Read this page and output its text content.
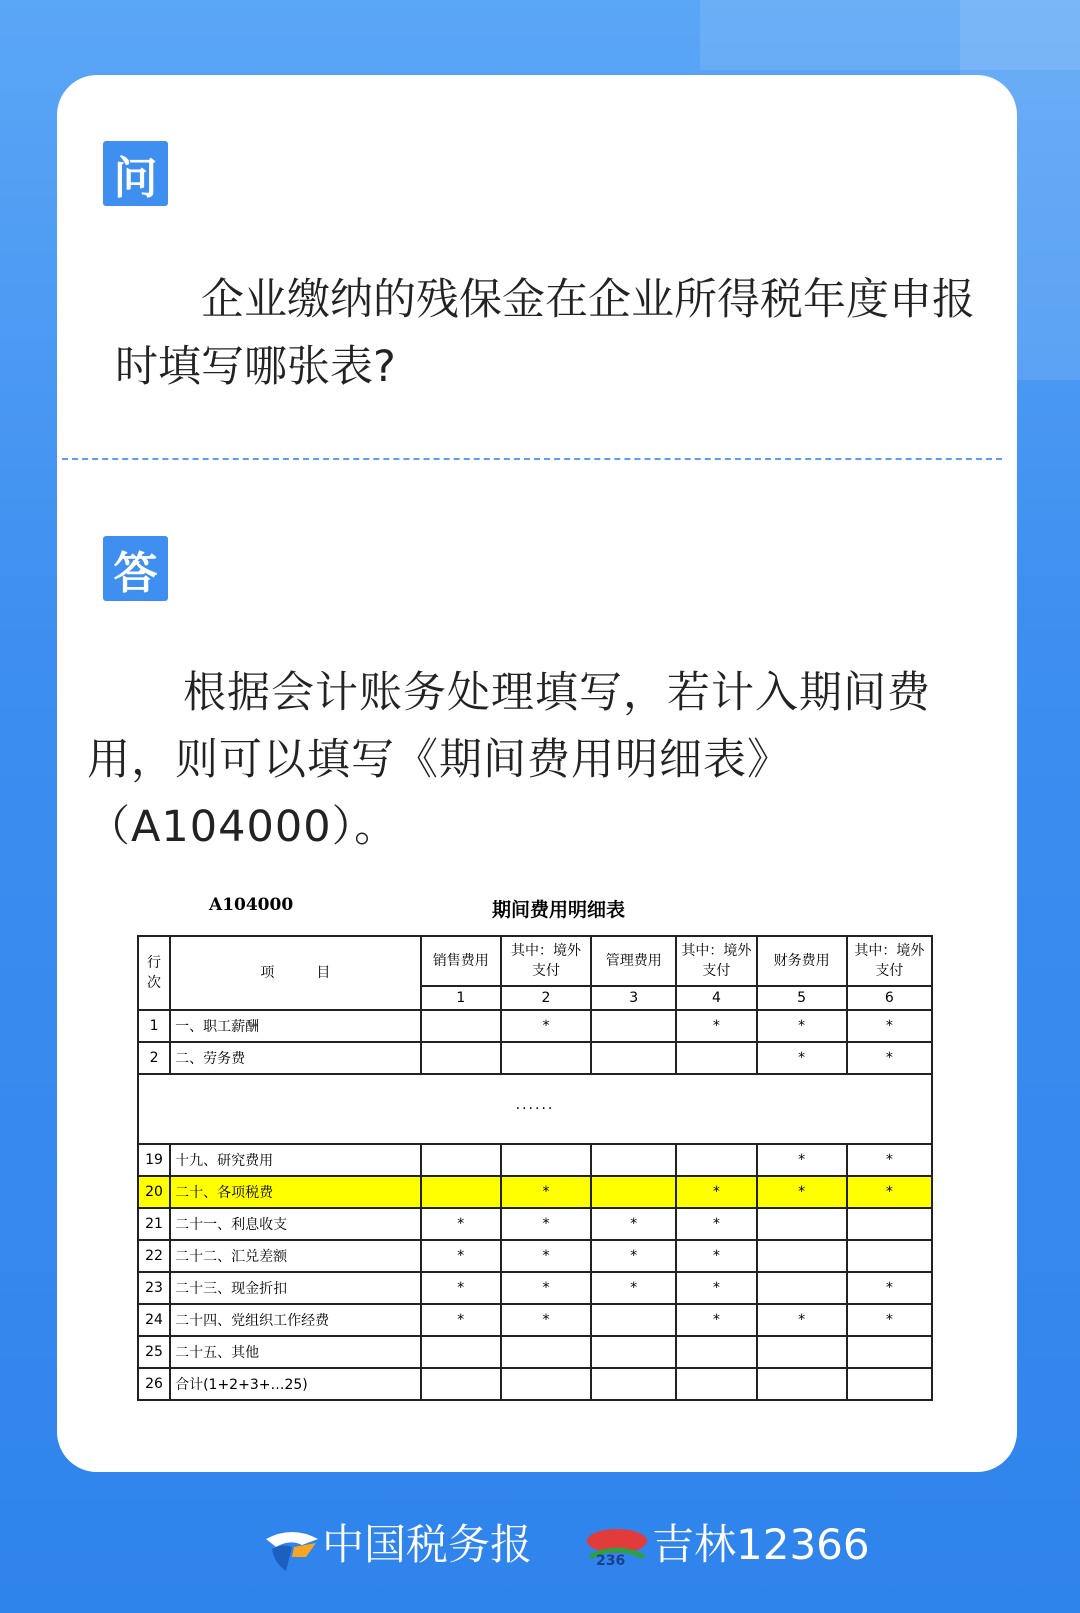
问

企业缴纳的残保金在企业所得税年度申报时填写哪张表?

答

根据会计账务处理填写，若计入期间费用，则可以填写《期间费用明细表》（A104000）。

A104000	期间费用明细表
行次	项　　　目	销售费用	其中：境外支付	管理费用	其中：境外支付	财务费用	其中：境外支付
		1	2	3	4	5	6
1	一、职工薪酬		*		*	*	*
2	二、劳务费					*	*
······							
19	十九、研究费用					*	*
20	二十、各项税费		*		*	*	*
21	二十一、利息收支	*	*	*	*		
22	二十二、汇兑差额	*	*	*	*		
23	二十三、现金折扣	*	*	*	*		*
24	二十四、党组织工作经费	*	*		*	*	*
25	二十五、其他						
26	合计(1+2+3+…25)						
中国税务报	236 吉林12366
